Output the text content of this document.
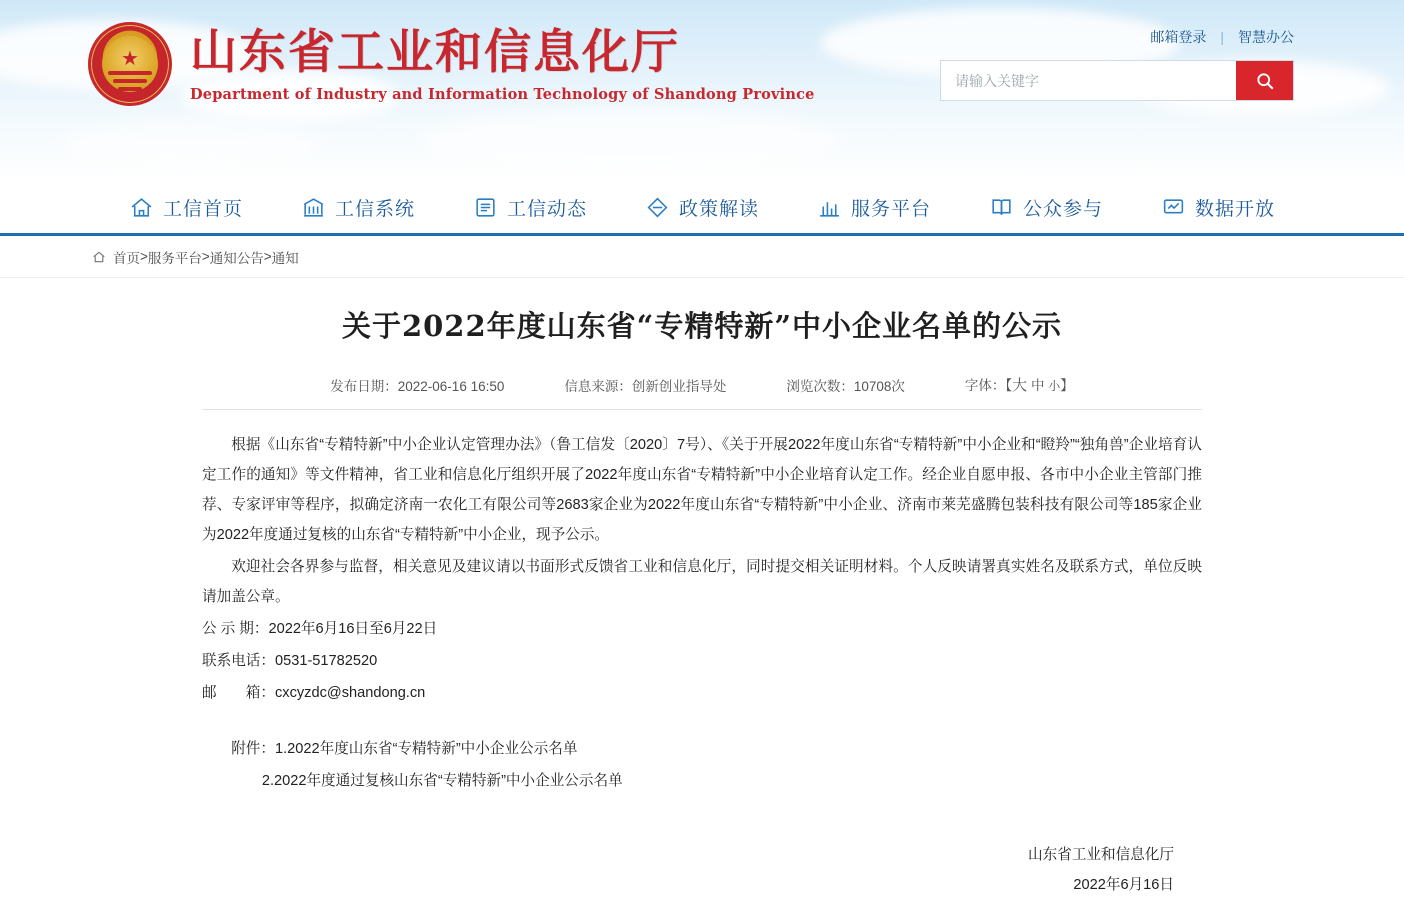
★ 山东省工业和信息化厅
Department of Industry and Information Technology of Shandong Province
邮箱登录 | 智慧办公
请输入关键字
工信首页	工信系统	工信动态	政策解读	服务平台	公众参与	数据开放
首页 > 服务平台 > 通知公告 > 通知
关于2022年度山东省“专精特新”中小企业名单的公示
发布日期：2022-06-16 16:50	信息来源：创新创业指导处	浏览次数：10708次	字体：【大 中 小】

根据《山东省“专精特新”中小企业认定管理办法》（鲁工信发〔2020〕7号）、《关于开展2022年度山东省“专精特新”中小企业和“瞪羚”“独角兽”企业培育认定工作的通知》等文件精神，省工业和信息化厅组织开展了2022年度山东省“专精特新”中小企业培育认定工作。经企业自愿申报、各市中小企业主管部门推荐、专家评审等程序，拟确定济南一农化工有限公司等2683家企业为2022年度山东省“专精特新”中小企业、济南市莱芜盛腾包装科技有限公司等185家企业为2022年度通过复核的山东省“专精特新”中小企业，现予公示。

欢迎社会各界参与监督，相关意见及建议请以书面形式反馈省工业和信息化厅，同时提交相关证明材料。个人反映请署真实姓名及联系方式，单位反映请加盖公章。

公 示 期：2022年6月16日至6月22日

联系电话：0531-51782520

邮　　箱：cxcyzdc@shandong.cn

附件：1.2022年度山东省“专精特新”中小企业公示名单

2.2022年度通过复核山东省“专精特新”中小企业公示名单

山东省工业和信息化厅
2022年6月16日
